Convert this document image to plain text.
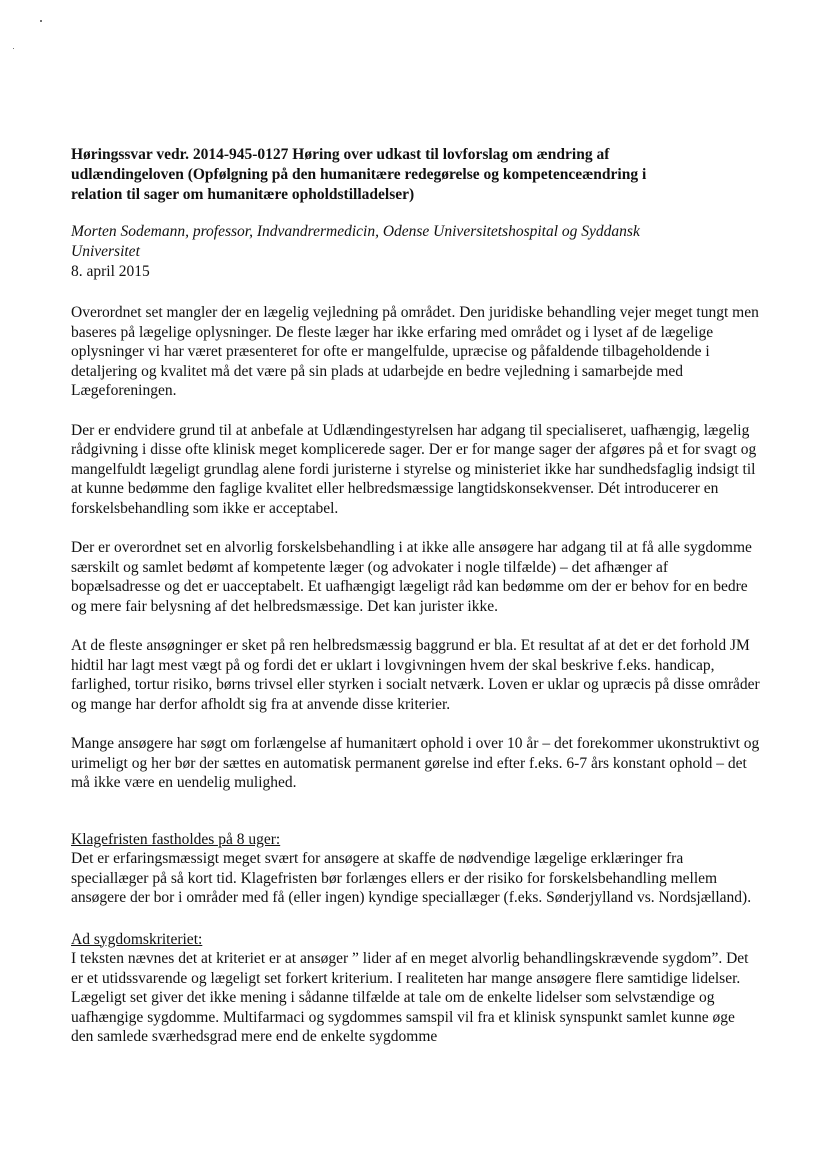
Høringssvar vedr. 2014-945-0127 Høring over udkast til lovforslag om ændring af udlændingeloven (Opfølgning på den humanitære redegørelse og kompetenceændring i relation til sager om humanitære opholdstilladelser)

Morten Sodemann, professor, Indvandrermedicin, Odense Universitetshospital og Syddansk Universitet

8. april 2015

Overordnet set mangler der en lægelig vejledning på området. Den juridiske behandling vejer meget tungt men baseres på lægelige oplysninger. De fleste læger har ikke erfaring med området og i lyset af de lægelige oplysninger vi har været præsenteret for ofte er mangelfulde, upræcise og påfaldende tilbageholdende i detaljering og kvalitet må det være på sin plads at udarbejde en bedre vejledning i samarbejde med Lægeforeningen.

Der er endvidere grund til at anbefale at Udlændingestyrelsen har adgang til specialiseret, uafhængig, lægelig rådgivning i disse ofte klinisk meget komplicerede sager. Der er for mange sager der afgøres på et for svagt og mangelfuldt lægeligt grundlag alene fordi juristerne i styrelse og ministeriet ikke har sundhedsfaglig indsigt til at kunne bedømme den faglige kvalitet eller helbredsmæssige langtidskonsekvenser. Dét introducerer en forskelsbehandling som ikke er acceptabel.

Der er overordnet set en alvorlig forskelsbehandling i at ikke alle ansøgere har adgang til at få alle sygdomme særskilt og samlet bedømt af kompetente læger (og advokater i nogle tilfælde) – det afhænger af bopælsadresse og det er uacceptabelt. Et uafhængigt lægeligt råd kan bedømme om der er behov for en bedre og mere fair belysning af det helbredsmæssige. Det kan jurister ikke.

At de fleste ansøgninger er sket på ren helbredsmæssig baggrund er bla. Et resultat af at det er det forhold JM hidtil har lagt mest vægt på og fordi det er uklart i lovgivningen hvem der skal beskrive f.eks. handicap, farlighed, tortur risiko, børns trivsel eller styrken i socialt netværk. Loven er uklar og upræcis på disse områder og mange har derfor afholdt sig fra at anvende disse kriterier.

Mange ansøgere har søgt om forlængelse af humanitært ophold i over 10 år – det forekommer ukonstruktivt og urimeligt og her bør der sættes en automatisk permanent gørelse ind efter f.eks. 6-7 års konstant ophold – det må ikke være en uendelig mulighed.

Klagefristen fastholdes på 8 uger:

Det er erfaringsmæssigt meget svært for ansøgere at skaffe de nødvendige lægelige erklæringer fra speciallæger på så kort tid. Klagefristen bør forlænges ellers er der risiko for forskelsbehandling mellem ansøgere der bor i områder med få (eller ingen) kyndige speciallæger (f.eks. Sønderjylland vs. Nordsjælland).

Ad sygdomskriteriet:

I teksten nævnes det at kriteriet er at ansøger ” lider af en meget alvorlig behandlingskrævende sygdom”. Det er et utidssvarende og lægeligt set forkert kriterium. I realiteten har mange ansøgere flere samtidige lidelser. Lægeligt set giver det ikke mening i sådanne tilfælde at tale om de enkelte lidelser som selvstændige og uafhængige sygdomme. Multifarmaci og sygdommes samspil vil fra et klinisk synspunkt samlet kunne øge den samlede sværhedsgrad mere end de enkelte sygdomme
